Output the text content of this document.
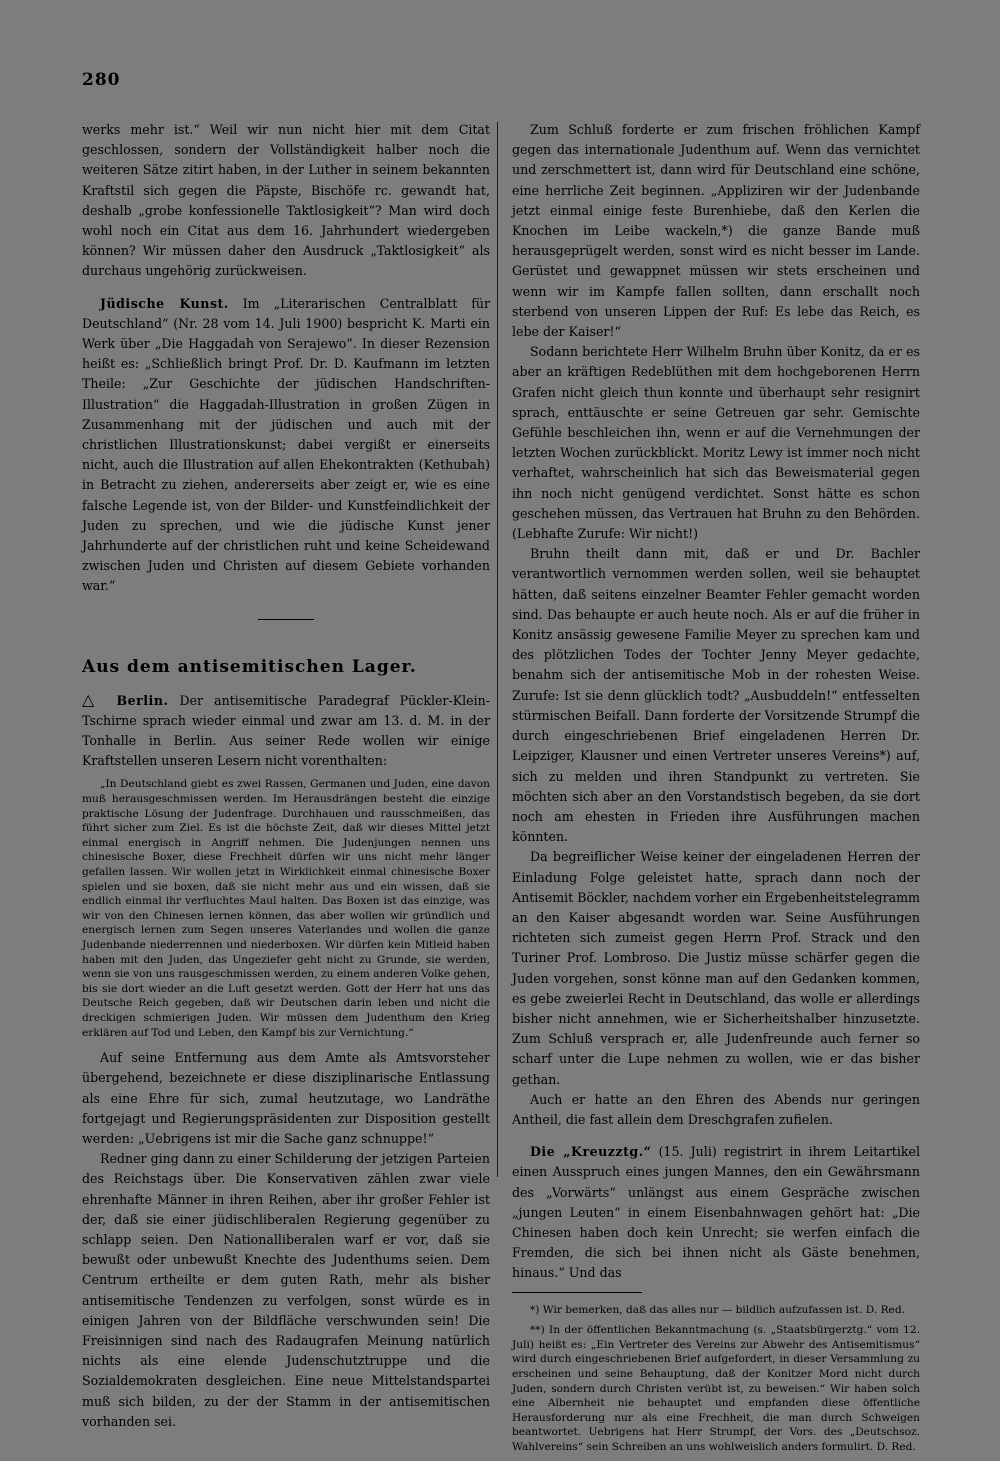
280

werks mehr ist.“ Weil wir nun nicht hier mit dem Citat geschlossen, sondern der Vollständigkeit halber noch die weiteren Sätze zitirt haben, in der Luther in seinem bekannten Kraftstil sich gegen die Päpste, Bischöfe rc. gewandt hat, deshalb „grobe konfessionelle Taktlosigkeit“? Man wird doch wohl noch ein Citat aus dem 16. Jahrhundert wiedergeben können? Wir müssen daher den Ausdruck „Taktlosigkeit“ als durchaus ungehörig zurückweisen.

Jüdische Kunst. Im „Literarischen Centralblatt für Deutschland“ (Nr. 28 vom 14. Juli 1900) bespricht K. Marti ein Werk über „Die Haggadah von Serajewo“. In dieser Rezension heißt es: „Schließlich bringt Prof. Dr. D. Kaufmann im letzten Theile: „Zur Geschichte der jüdischen Handschriften-Illustration“ die Haggadah-Illustration in großen Zügen in Zusammenhang mit der jüdischen und auch mit der christlichen Illustrationskunst; dabei vergißt er einerseits nicht, auch die Illustration auf allen Ehekontrakten (Kethubah) in Betracht zu ziehen, andererseits aber zeigt er, wie es eine falsche Legende ist, von der Bilder- und Kunstfeindlichkeit der Juden zu sprechen, und wie die jüdische Kunst jener Jahrhunderte auf der christlichen ruht und keine Scheidewand zwischen Juden und Christen auf diesem Gebiete vorhanden war.“

Aus dem antisemitischen Lager.

△ Berlin. Der antisemitische Paradegraf Pückler-Klein-Tschirne sprach wieder einmal und zwar am 13. d. M. in der Tonhalle in Berlin. Aus seiner Rede wollen wir einige Kraftstellen unseren Lesern nicht vorenthalten:

„In Deutschland giebt es zwei Rassen, Germanen und Juden, eine davon muß herausgeschmissen werden. Im Herausdrängen besteht die einzige praktische Lösung der Judenfrage. Durchhauen und rausschmeißen, das führt sicher zum Ziel. Es ist die höchste Zeit, daß wir dieses Mittel jetzt einmal energisch in Angriff nehmen. Die Judenjungen nennen uns chinesische Boxer, diese Frechheit dürfen wir uns nicht mehr länger gefallen lassen. Wir wollen jetzt in Wirklichkeit einmal chinesische Boxer spielen und sie boxen, daß sie nicht mehr aus und ein wissen, daß sie endlich einmal ihr verfluchtes Maul halten. Das Boxen ist das einzige, was wir von den Chinesen lernen können, das aber wollen wir gründlich und energisch lernen zum Segen unseres Vaterlandes und wollen die ganze Judenbande niederrennen und niederboxen. Wir dürfen kein Mitleid haben haben mit den Juden, das Ungeziefer geht nicht zu Grunde, sie werden, wenn sie von uns rausgeschmissen werden, zu einem anderen Volke gehen, bis sie dort wieder an die Luft gesetzt werden. Gott der Herr hat uns das Deutsche Reich gegeben, daß wir Deutschen darin leben und nicht die dreckigen schmierigen Juden. Wir müssen dem Judenthum den Krieg erklären auf Tod und Leben, den Kampf bis zur Vernichtung.“

Auf seine Entfernung aus dem Amte als Amtsvorsteher übergehend, bezeichnete er diese disziplinarische Entlassung als eine Ehre für sich, zumal heutzutage, wo Landräthe fortgejagt und Regierungspräsidenten zur Disposition gestellt werden: „Uebrigens ist mir die Sache ganz schnuppe!“

Redner ging dann zu einer Schilderung der jetzigen Parteien des Reichstags über. Die Konservativen zählen zwar viele ehrenhafte Männer in ihren Reihen, aber ihr großer Fehler ist der, daß sie einer jüdischliberalen Regierung gegenüber zu schlapp seien. Den Nationalliberalen warf er vor, daß sie bewußt oder unbewußt Knechte des Judenthums seien. Dem Centrum ertheilte er dem guten Rath, mehr als bisher antisemitische Tendenzen zu verfolgen, sonst würde es in einigen Jahren von der Bildfläche verschwunden sein! Die Freisinnigen sind nach des Radaugrafen Meinung natürlich nichts als eine elende Judenschutztruppe und die Sozialdemokraten desgleichen. Eine neue Mittelstandspartei muß sich bilden, zu der der Stamm in der antisemitischen vorhanden sei.

Zum Schluß forderte er zum frischen fröhlichen Kampf gegen das internationale Judenthum auf. Wenn das vernichtet und zerschmettert ist, dann wird für Deutschland eine schöne, eine herrliche Zeit beginnen. „Appliziren wir der Judenbande jetzt einmal einige feste Burenhiebe, daß den Kerlen die Knochen im Leibe wackeln,*) die ganze Bande muß herausgeprügelt werden, sonst wird es nicht besser im Lande. Gerüstet und gewappnet müssen wir stets erscheinen und wenn wir im Kampfe fallen sollten, dann erschallt noch sterbend von unseren Lippen der Ruf: Es lebe das Reich, es lebe der Kaiser!“

Sodann berichtete Herr Wilhelm Bruhn über Konitz, da er es aber an kräftigen Redeblüthen mit dem hochgeborenen Herrn Grafen nicht gleich thun konnte und überhaupt sehr resignirt sprach, enttäuschte er seine Getreuen gar sehr. Gemischte Gefühle beschleichen ihn, wenn er auf die Vernehmungen der letzten Wochen zurückblickt. Moritz Lewy ist immer noch nicht verhaftet, wahrscheinlich hat sich das Beweismaterial gegen ihn noch nicht genügend verdichtet. Sonst hätte es schon geschehen müssen, das Vertrauen hat Bruhn zu den Behörden. (Lebhafte Zurufe: Wir nicht!)

Bruhn theilt dann mit, daß er und Dr. Bachler verantwortlich vernommen werden sollen, weil sie behauptet hätten, daß seitens einzelner Beamter Fehler gemacht worden sind. Das behaupte er auch heute noch. Als er auf die früher in Konitz ansässig gewesene Familie Meyer zu sprechen kam und des plötzlichen Todes der Tochter Jenny Meyer gedachte, benahm sich der antisemitische Mob in der rohesten Weise. Zurufe: Ist sie denn glücklich todt? „Ausbuddeln!“ entfesselten stürmischen Beifall. Dann forderte der Vorsitzende Strumpf die durch eingeschriebenen Brief eingeladenen Herren Dr. Leipziger, Klausner und einen Vertreter unseres Vereins*) auf, sich zu melden und ihren Standpunkt zu vertreten. Sie möchten sich aber an den Vorstandstisch begeben, da sie dort noch am ehesten in Frieden ihre Ausführungen machen könnten.

Da begreiflicher Weise keiner der eingeladenen Herren der Einladung Folge geleistet hatte, sprach dann noch der Antisemit Böckler, nachdem vorher ein Ergebenheitstelegramm an den Kaiser abgesandt worden war. Seine Ausführungen richteten sich zumeist gegen Herrn Prof. Strack und den Turiner Prof. Lombroso. Die Justiz müsse schärfer gegen die Juden vorgehen, sonst könne man auf den Gedanken kommen, es gebe zweierlei Recht in Deutschland, das wolle er allerdings bisher nicht annehmen, wie er Sicherheitshalber hinzusetzte. Zum Schluß versprach er, alle Judenfreunde auch ferner so scharf unter die Lupe nehmen zu wollen, wie er das bisher gethan.

Auch er hatte an den Ehren des Abends nur geringen Antheil, die fast allein dem Dreschgrafen zufielen.

Die „Kreuzztg.“ (15. Juli) registrirt in ihrem Leitartikel einen Ausspruch eines jungen Mannes, den ein Gewährsmann des „Vorwärts“ unlängst aus einem Gespräche zwischen „jungen Leuten“ in einem Eisenbahnwagen gehört hat: „Die Chinesen haben doch kein Unrecht; sie werfen einfach die Fremden, die sich bei ihnen nicht als Gäste benehmen, hinaus.“ Und das

*) Wir bemerken, daß das alles nur — bildlich aufzufassen ist. D. Red.

**) In der öffentlichen Bekanntmachung (s. „Staatsbürgerztg.“ vom 12. Juli) heißt es: „Ein Vertreter des Vereins zur Abwehr des Antisemitismus“ wird durch eingeschriebenen Brief aufgefordert, in dieser Versammlung zu erscheinen und seine Behauptung, daß der Konitzer Mord nicht durch Juden, sondern durch Christen verübt ist, zu beweisen.“ Wir haben solch eine Albernheit nie behauptet und empfanden diese öffentliche Herausforderung nur als eine Frechheit, die man durch Schweigen beantwortet. Uebrigens hat Herr Strumpf, der Vors. des „Deutschsoz. Wahlvereins“ sein Schreiben an uns wohlweislich anders formulirt. D. Red.
